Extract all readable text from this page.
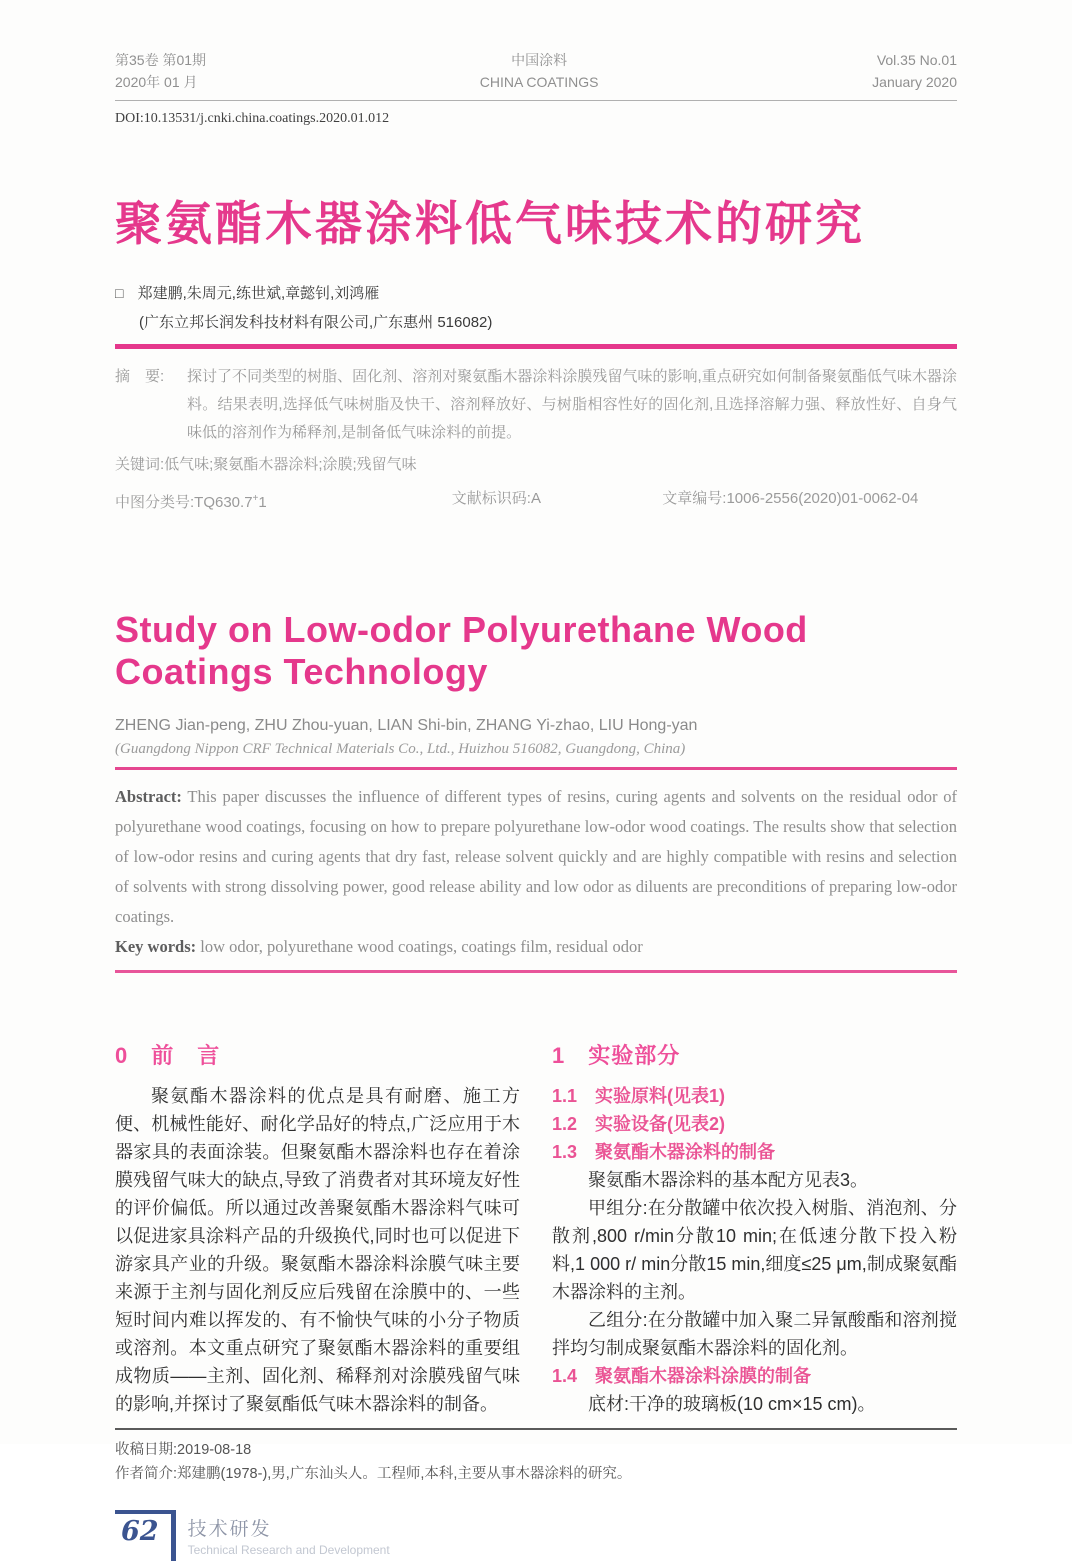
第35卷 第01期
2020年 01 月
中国涂料
CHINA COATINGS
Vol.35 No.01
January 2020
DOI:10.13531/j.cnki.china.coatings.2020.01.012
聚氨酯木器涂料低气味技术的研究
□ 郑建鹏,朱周元,练世斌,章懿钊,刘鸿雁
(广东立邦长润发科技材料有限公司,广东惠州 516082)
摘　要:	探讨了不同类型的树脂、固化剂、溶剂对聚氨酯木器涂料涂膜残留气味的影响,重点研究如何制备聚氨酯低气味木器涂料。结果表明,选择低气味树脂及快干、溶剂释放好、与树脂相容性好的固化剂,且选择溶解力强、释放性好、自身气味低的溶剂作为稀释剂,是制备低气味涂料的前提。
关键词:低气味;聚氨酯木器涂料;涂膜;残留气味
中图分类号:TQ630.7+1	文献标识码:A	文章编号:1006-2556(2020)01-0062-04
Study on Low-odor Polyurethane Wood Coatings Technology
ZHENG Jian-peng, ZHU Zhou-yuan, LIAN Shi-bin, ZHANG Yi-zhao, LIU Hong-yan
(Guangdong Nippon CRF Technical Materials Co., Ltd., Huizhou 516082, Guangdong, China)
Abstract: This paper discusses the influence of different types of resins, curing agents and solvents on the residual odor of polyurethane wood coatings, focusing on how to prepare polyurethane low-odor wood coatings. The results show that selection of low-odor resins and curing agents that dry fast, release solvent quickly and are highly compatible with resins and selection of solvents with strong dissolving power, good release ability and low odor as diluents are preconditions of preparing low-odor coatings.
Key words: low odor, polyurethane wood coatings, coatings film, residual odor
0　前　言

聚氨酯木器涂料的优点是具有耐磨、施工方便、机械性能好、耐化学品好的特点,广泛应用于木器家具的表面涂装。但聚氨酯木器涂料也存在着涂膜残留气味大的缺点,导致了消费者对其环境友好性的评价偏低。所以通过改善聚氨酯木器涂料气味可以促进家具涂料产品的升级换代,同时也可以促进下游家具产业的升级。聚氨酯木器涂料涂膜气味主要来源于主剂与固化剂反应后残留在涂膜中的、一些短时间内难以挥发的、有不愉快气味的小分子物质或溶剂。本文重点研究了聚氨酯木器涂料的重要组成物质——主剂、固化剂、稀释剂对涂膜残留气味的影响,并探讨了聚氨酯低气味木器涂料的制备。

1　实验部分
1.1　实验原料(见表1)
1.2　实验设备(见表2)
1.3　聚氨酯木器涂料的制备

聚氨酯木器涂料的基本配方见表3。

甲组分:在分散罐中依次投入树脂、消泡剂、分散剂,800 r/min分散10 min;在低速分散下投入粉料,1 000 r/ min分散15 min,细度≤25 μm,制成聚氨酯木器涂料的主剂。

乙组分:在分散罐中加入聚二异氰酸酯和溶剂搅拌均匀制成聚氨酯木器涂料的固化剂。

1.4　聚氨酯木器涂料涂膜的制备

底材:干净的玻璃板(10 cm×15 cm)。

收稿日期:2019-08-18
作者简介:郑建鹏(1978-),男,广东汕头人。工程师,本科,主要从事木器涂料的研究。
62	技术研发
Technical Research and Development
